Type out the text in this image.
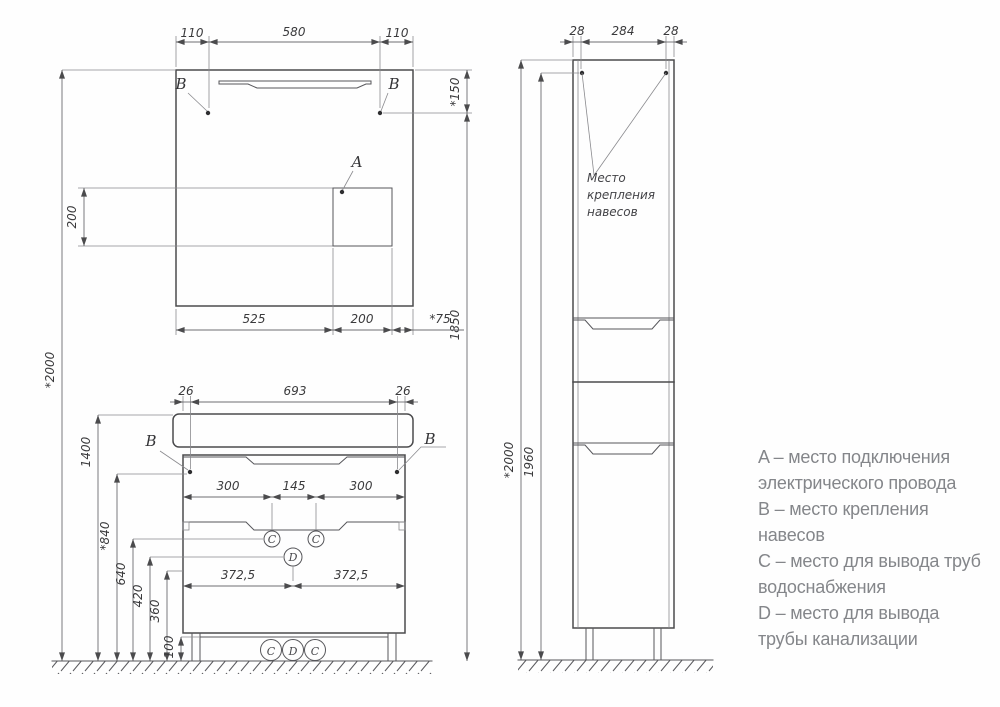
A
B	B
110	580	110
*150
1850
200
525	200	*75
C D C
C	C
D
B	B
26	693	26
300	145	300
372,5	372,5
*2000
1400
*840
640
420
360
100
Место
крепления
навесов
28 284 28
*2000 1960	A – место подключения
электрического провода
B – место крепления
навесов
C – место для вывода труб
водоснабжения
D – место для вывода
трубы канализации
